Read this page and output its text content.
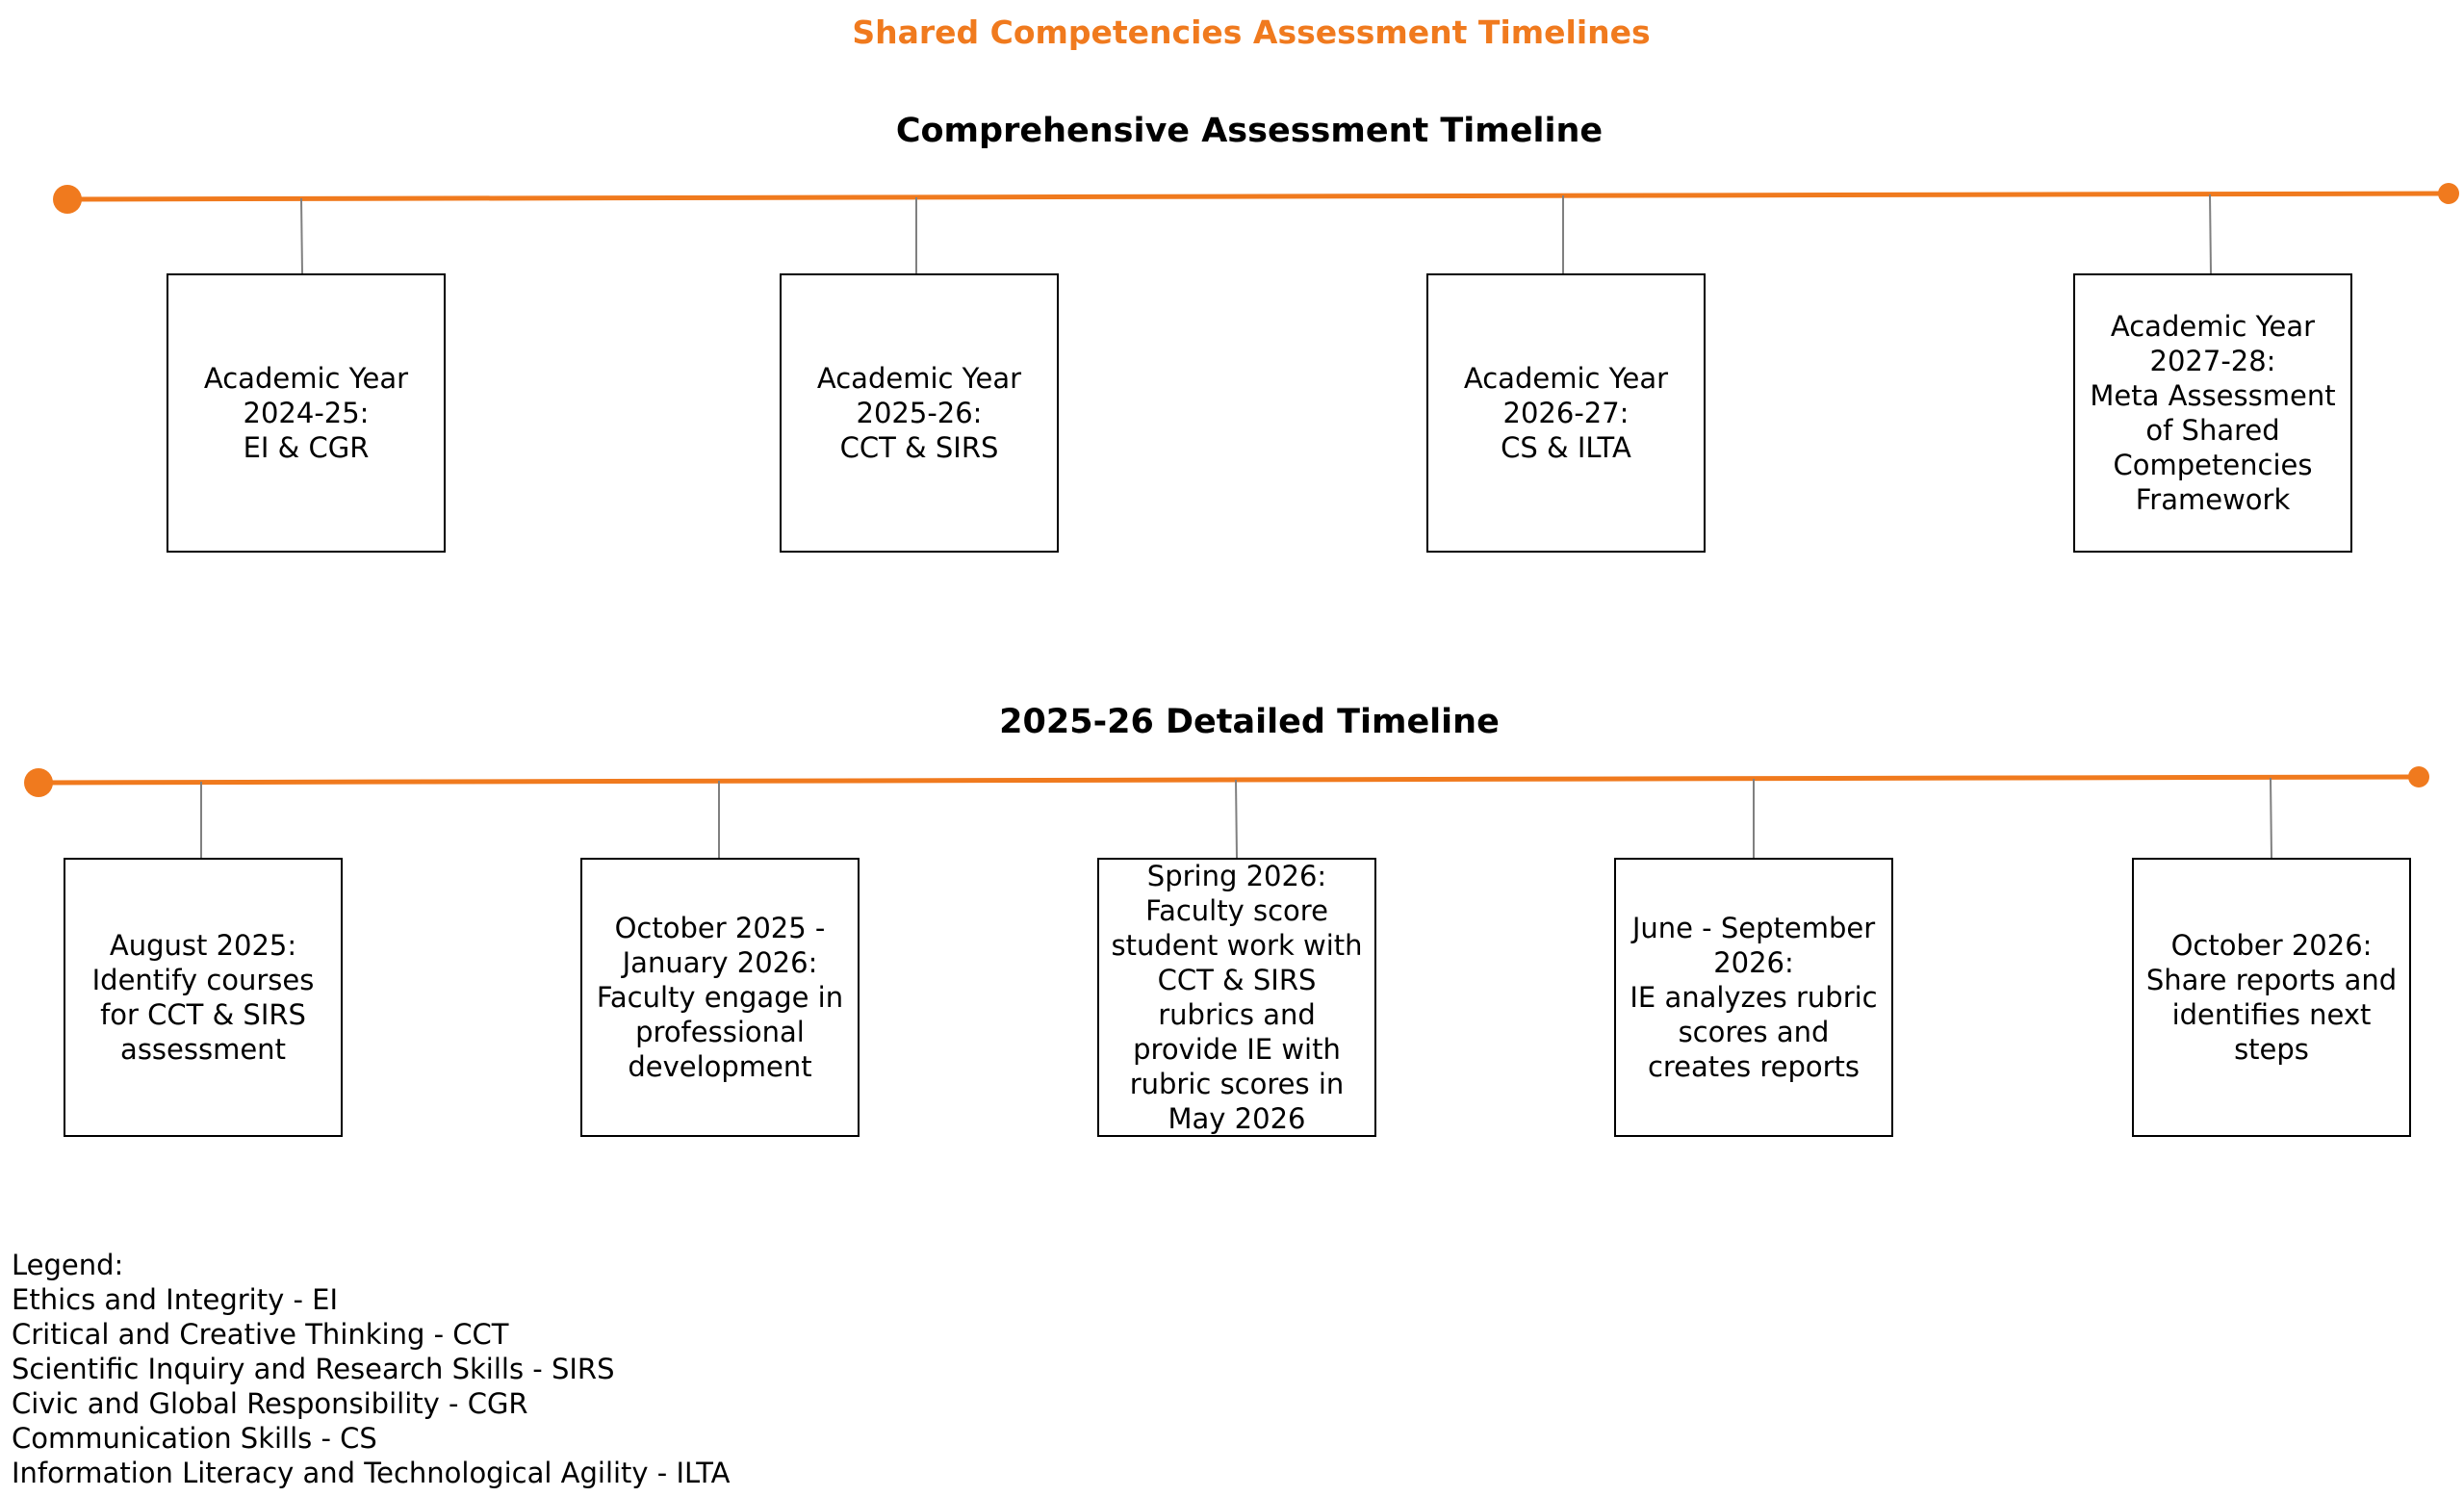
Shared Competencies Assessment Timelines
Comprehensive Assessment Timeline
2025-26 Detailed Timeline
Academic Year
2024-25:
EI & CGR
Academic Year
2025-26:
CCT & SIRS
Academic Year
2026-27:
CS & ILTA
Academic Year
2027-28:
Meta Assessment
of Shared
Competencies
Framework
August 2025:
Identify courses
for CCT & SIRS
assessment
October 2025 -
January 2026:
Faculty engage in
professional
development
Spring 2026:
Faculty score
student work with
CCT & SIRS
rubrics and
provide IE with
rubric scores in
May 2026
June - September
2026:
IE analyzes rubric
scores and
creates reports
October 2026:
Share reports and
identifies next
steps
Legend:
Ethics and Integrity - EI
Critical and Creative Thinking - CCT
Scientific Inquiry and Research Skills - SIRS
Civic and Global Responsibility - CGR
Communication Skills - CS
Information Literacy and Technological Agility - ILTA
